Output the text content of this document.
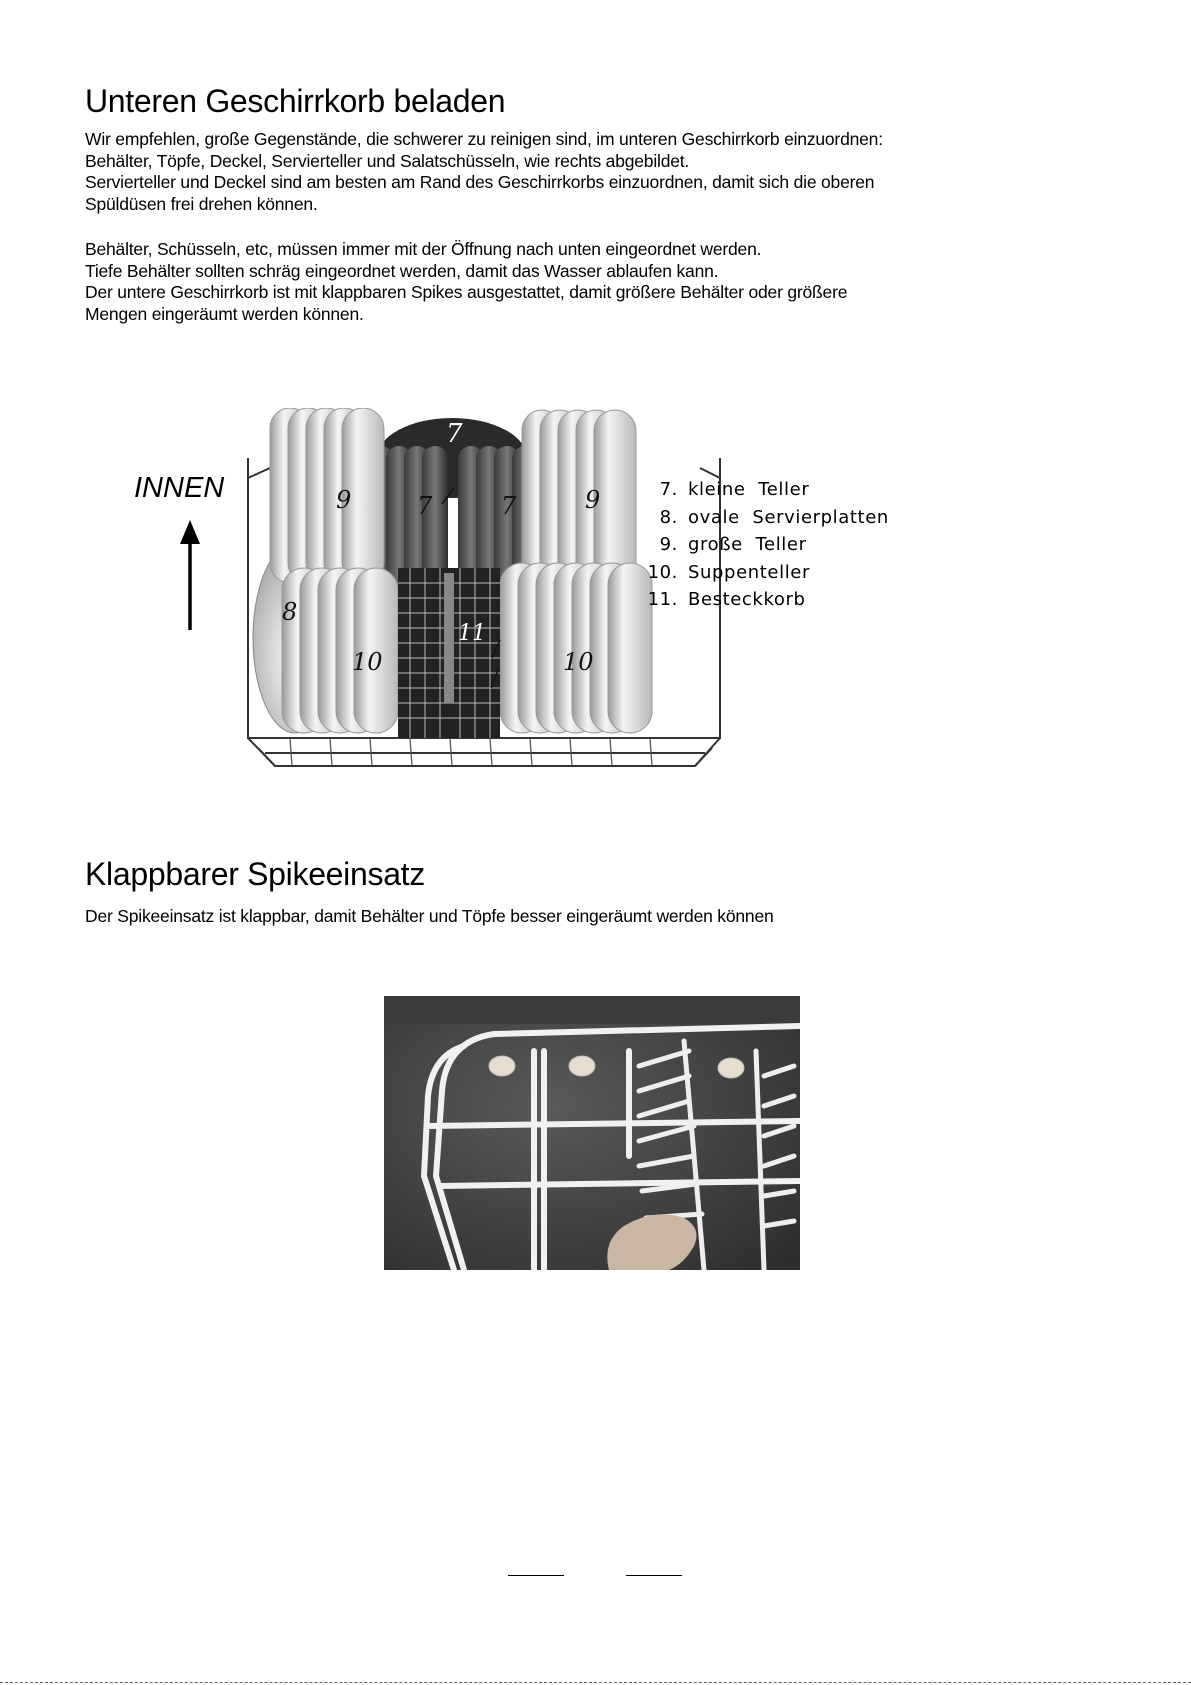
Unteren Geschirrkorb beladen
Wir empfehlen, große Gegenstände, die schwerer zu reinigen sind, im unteren Geschirrkorb einzuordnen:
Behälter, Töpfe, Deckel, Servierteller und Salatschüsseln, wie rechts abgebildet.
Servierteller und Deckel sind am besten am Rand des Geschirrkorbs einzuordnen, damit sich die oberen
Spüldüsen frei drehen können.
Behälter, Schüsseln, etc, müssen immer mit der Öffnung nach unten eingeordnet werden.
Tiefe Behälter sollten schräg eingeordnet werden, damit das Wasser ablaufen kann.
Der untere Geschirrkorb ist mit klappbaren Spikes ausgestattet, damit größere Behälter oder größere
Mengen eingeräumt werden können.
INNEN
7
9	7	7	9
8
10	10
11
7. kleine  Teller
8. ovale  Servierplatten
9. große  Teller
10. Suppenteller
11. Besteckkorb
Klappbarer Spikeeinsatz
Der Spikeeinsatz ist klappbar, damit Behälter und Töpfe besser eingeräumt werden können
